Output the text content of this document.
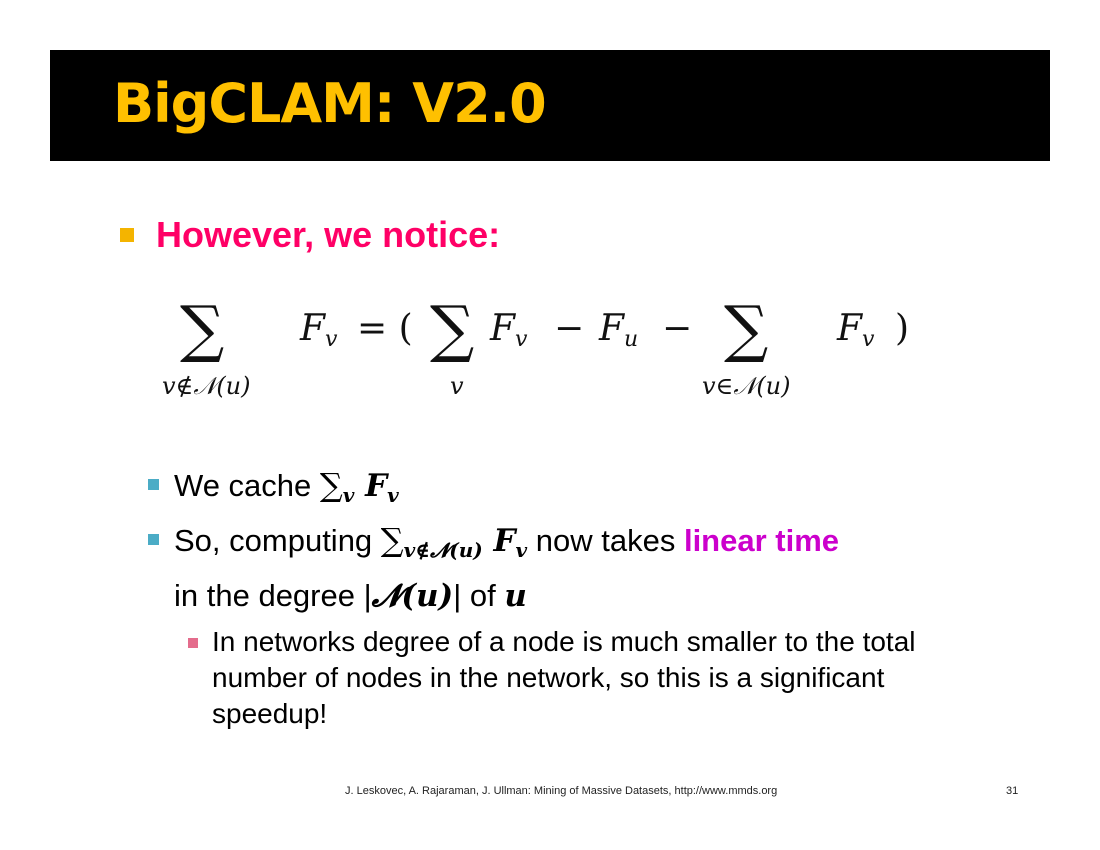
BigCLAM: V2.0
However, we notice:
∑
v∉𝒩(u)
$F_v$ = ( ∑
v
$F_v - F_u$ − ∑
v∈𝒩(u)
$F_v$ )
We cache $\sum_v$ $F_v$
So, computing $\sum_{v\notin 𝓝(u)}$ $F_v$ now takes linear time
in the degree |𝓝(u)| of u
In networks degree of a node is much smaller to the total
number of nodes in the network, so this is a significant
speedup!
J. Leskovec, A. Rajaraman, J. Ullman: Mining of Massive Datasets, http://www.mmds.org	31
